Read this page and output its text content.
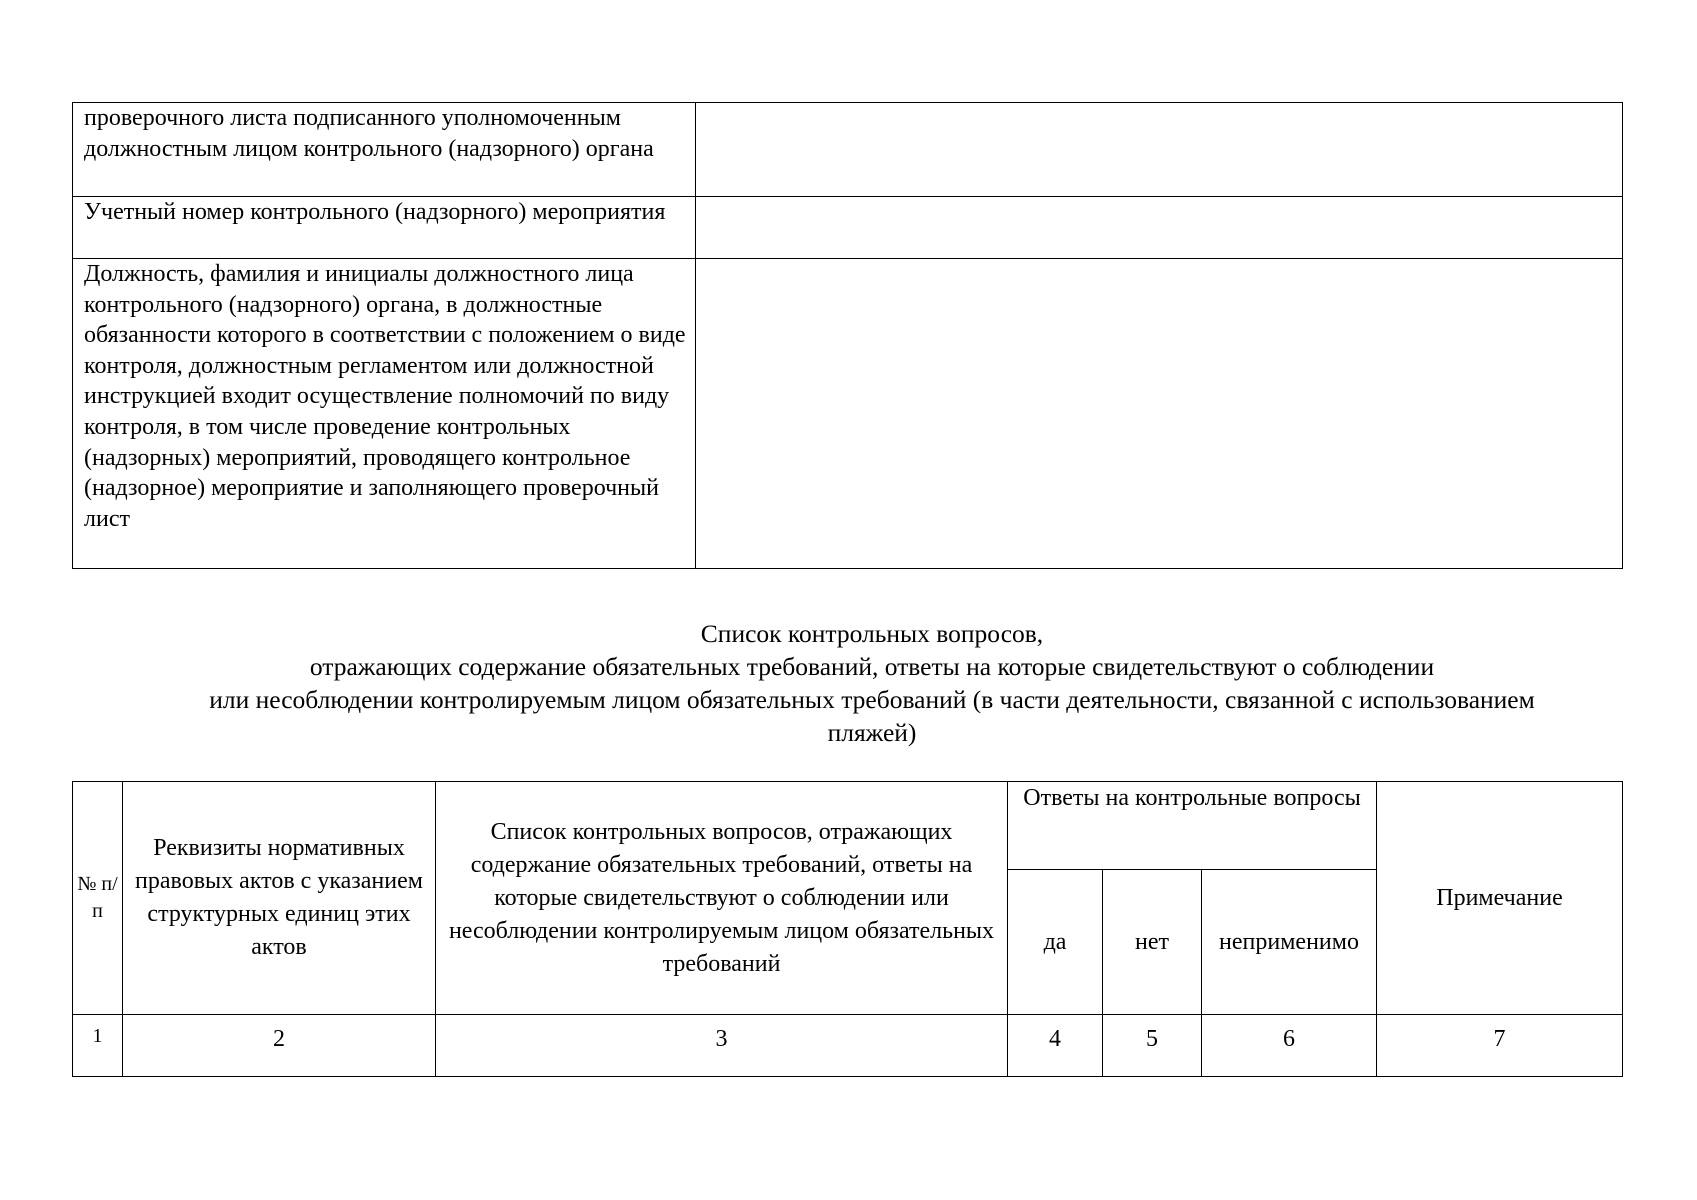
проверочного листа подписанного уполномоченным должностным лицом контрольного (надзорного) органа	
Учетный номер контрольного (надзорного) мероприятия	
Должность, фамилия и инициалы должностного лица контрольного (надзорного) органа, в должностные обязанности которого в соответствии с положением о виде контроля, должностным регламентом или должностной инструкцией входит осуществление полномочий по виду контроля, в том числе проведение контрольных (надзорных) мероприятий, проводящего контрольное (надзорное) мероприятие и заполняющего проверочный лист	
Список контрольных вопросов,
отражающих содержание обязательных требований, ответы на которые свидетельствуют о соблюдении
или несоблюдении контролируемым лицом обязательных требований (в части деятельности, связанной с использованием
пляжей)
№ п/п	Реквизиты нормативных правовых актов с указанием структурных единиц этих актов	Список контрольных вопросов, отражающих содержание обязательных требований, ответы на которые свидетельствуют о соблюдении или несоблюдении контролируемым лицом обязательных требований	Ответы на контрольные вопросы			Примечание
			да	нет	неприменимо	
1	2	3	4	5	6	7
